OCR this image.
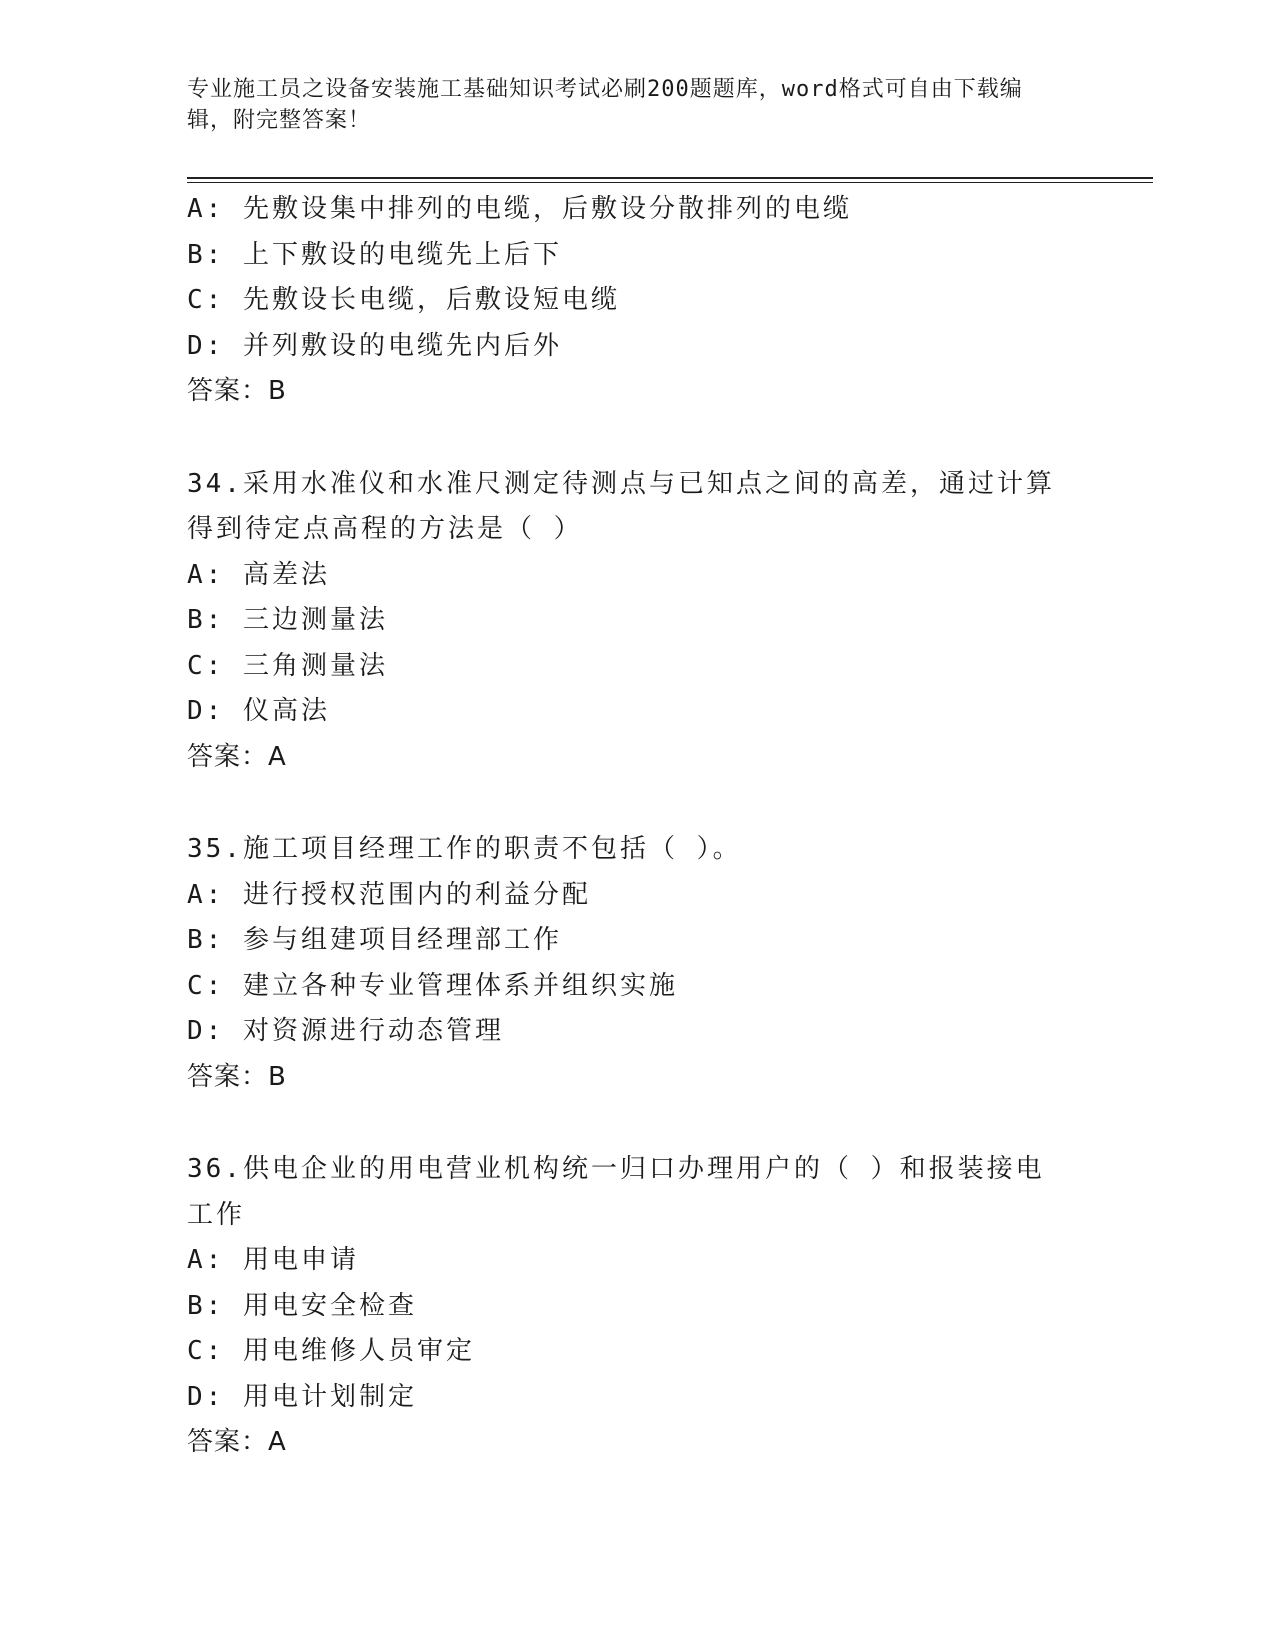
专业施工员之设备安装施工基础知识考试必刷200题题库，word格式可自由下载编辑，附完整答案！
A: 先敷设集中排列的电缆，后敷设分散排列的电缆
B: 上下敷设的电缆先上后下
C: 先敷设长电缆，后敷设短电缆
D: 并列敷设的电缆先内后外
答案：B
34.采用水准仪和水准尺测定待测点与已知点之间的高差，通过计算得到待定点高程的方法是（ ）
A: 高差法
B: 三边测量法
C: 三角测量法
D: 仪高法
答案：A
35.施工项目经理工作的职责不包括（ ）。
A: 进行授权范围内的利益分配
B: 参与组建项目经理部工作
C: 建立各种专业管理体系并组织实施
D: 对资源进行动态管理
答案：B
36.供电企业的用电营业机构统一归口办理用户的（ ）和报装接电工作
A: 用电申请
B: 用电安全检查
C: 用电维修人员审定
D: 用电计划制定
答案：A
